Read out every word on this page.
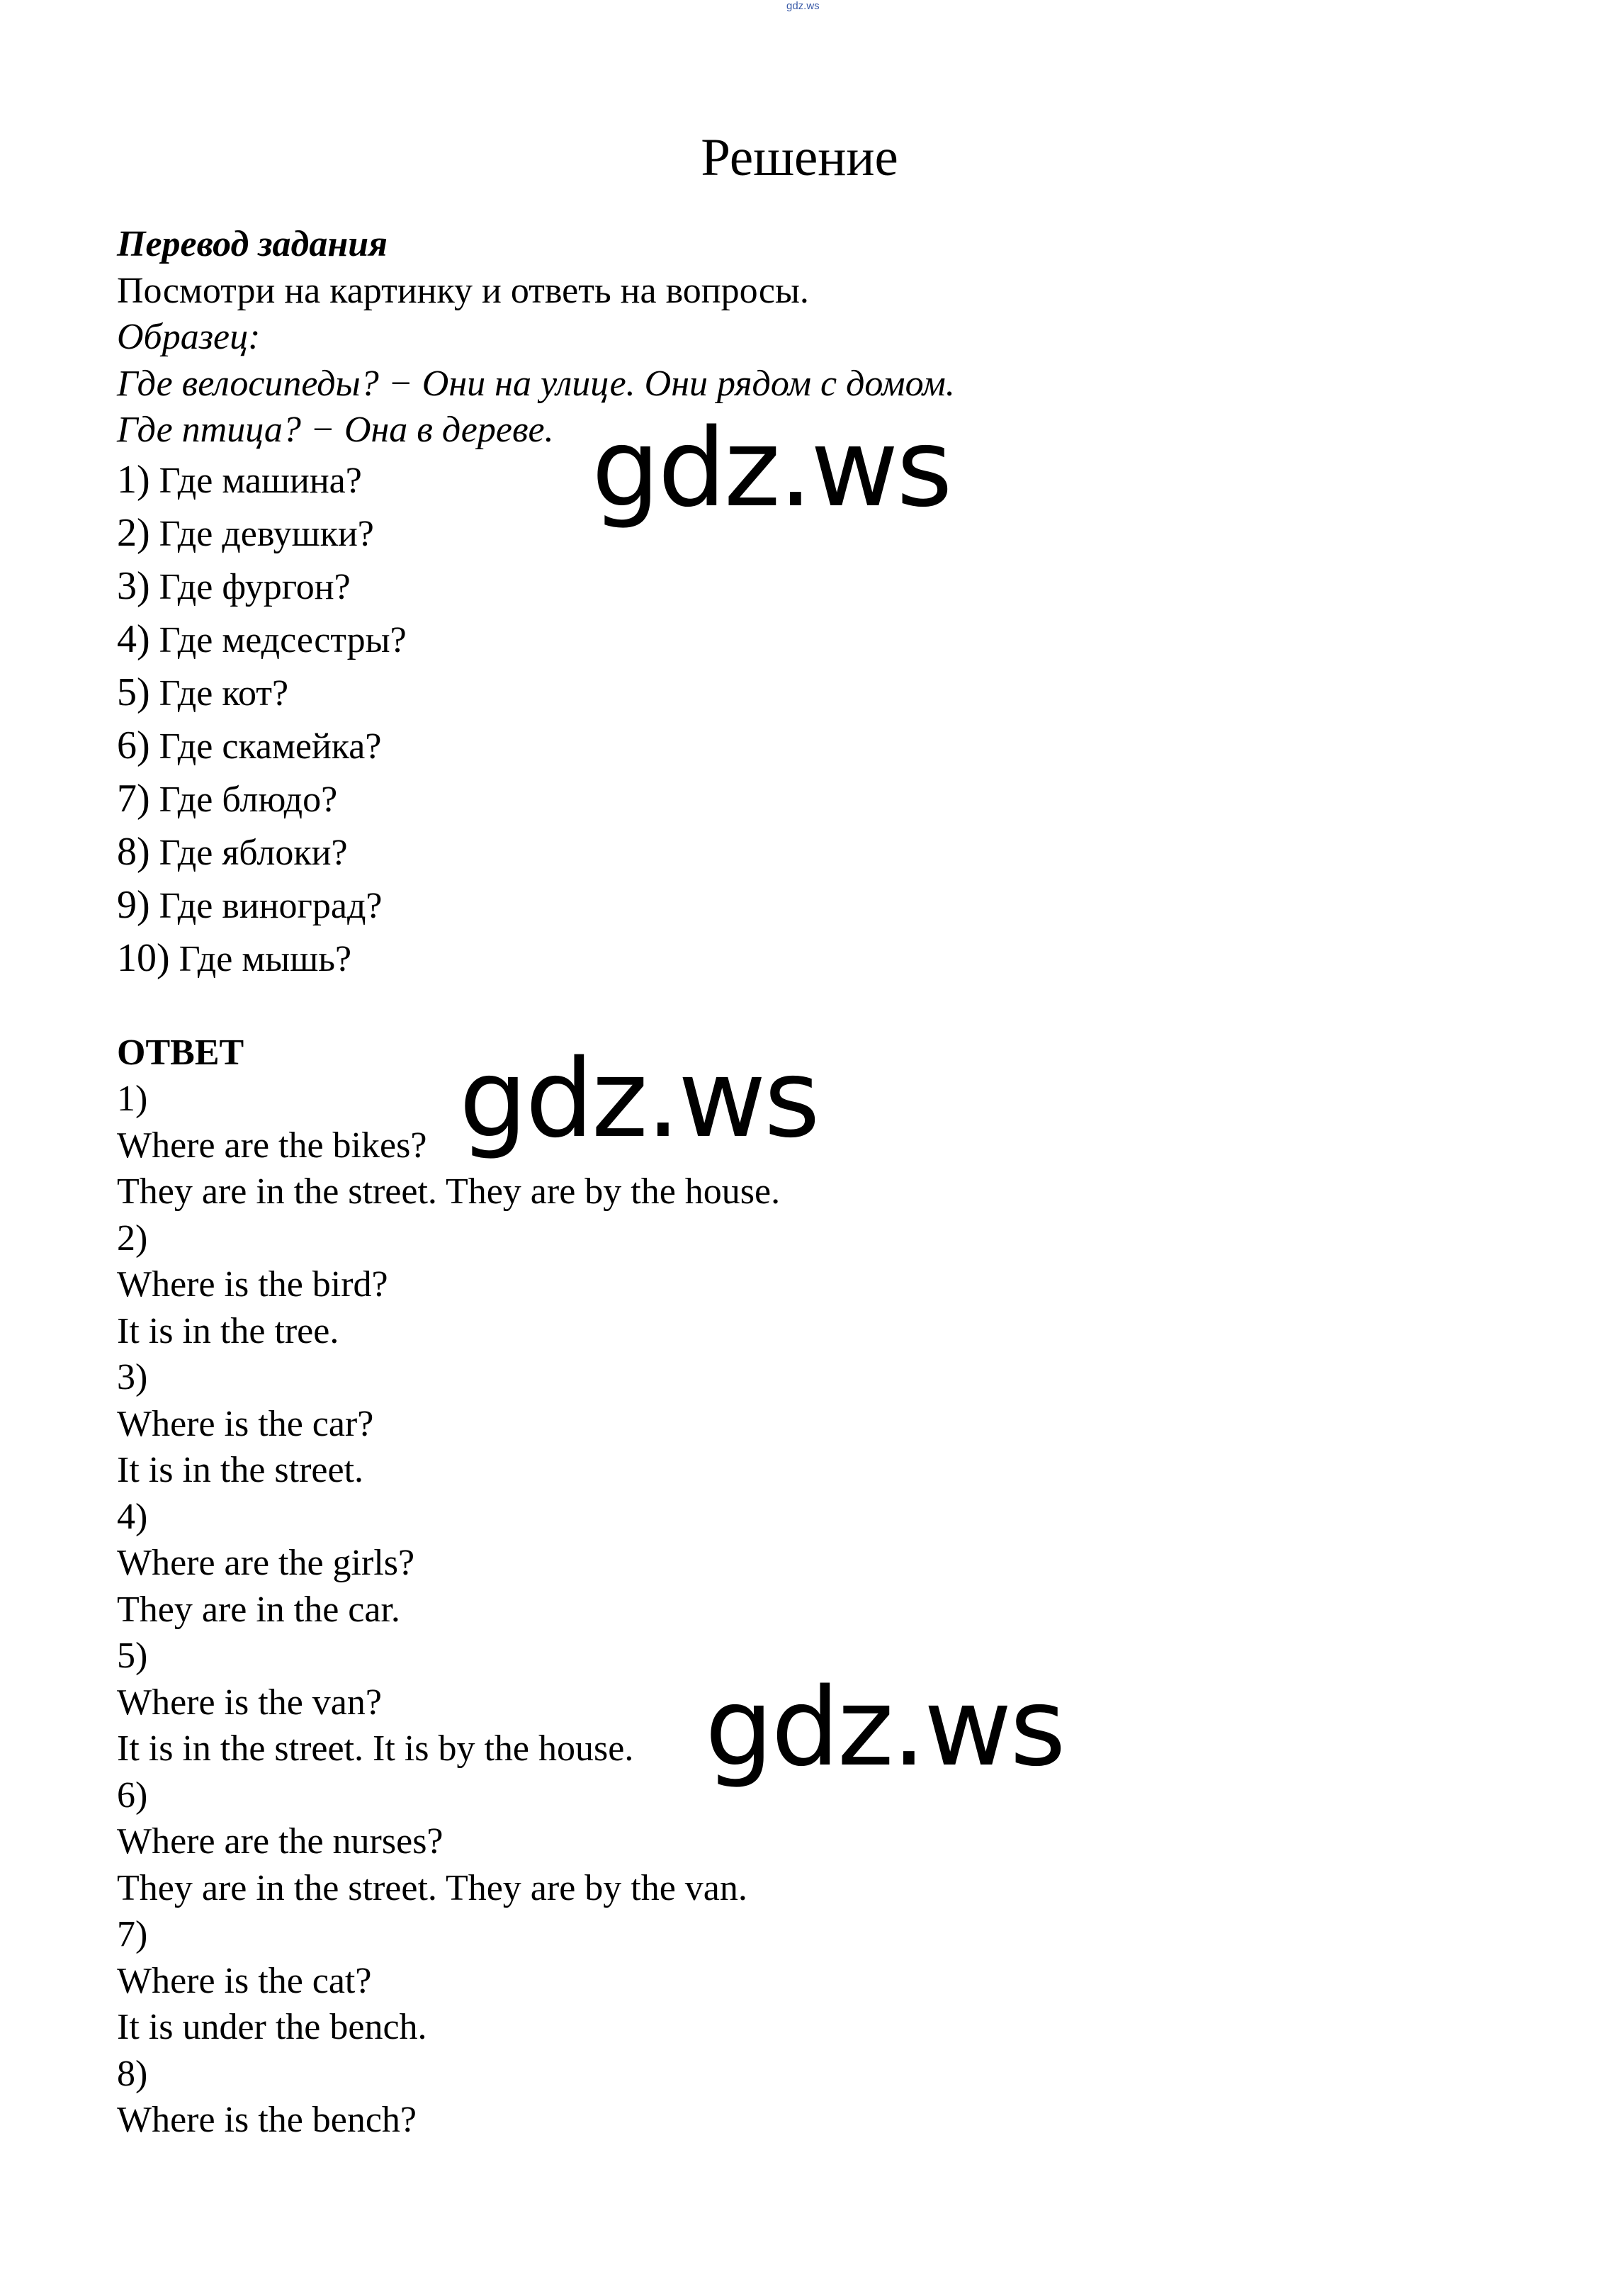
gdz.ws
Решение
Перевод задания
Посмотри на картинку и ответь на вопросы.
Образец:
Где велосипеды? − Они на улице. Они рядом с домом.
Где птица? − Она в дереве.
1) Где машина?
2) Где девушки?
3) Где фургон?
4) Где медсестры?
5) Где кот?
6) Где скамейка?
7) Где блюдо?
8) Где яблоки?
9) Где виноград?
10) Где мышь?
ОТВЕТ
1)
Where are the bikes?
They are in the street. They are by the house.
2)
Where is the bird?
It is in the tree.
3)
Where is the car?
It is in the street.
4)
Where are the girls?
They are in the car.
5)
Where is the van?
It is in the street. It is by the house.
6)
Where are the nurses?
They are in the street. They are by the van.
7)
Where is the cat?
It is under the bench.
8)
Where is the bench?
gdz.ws
gdz.ws
gdz.ws
